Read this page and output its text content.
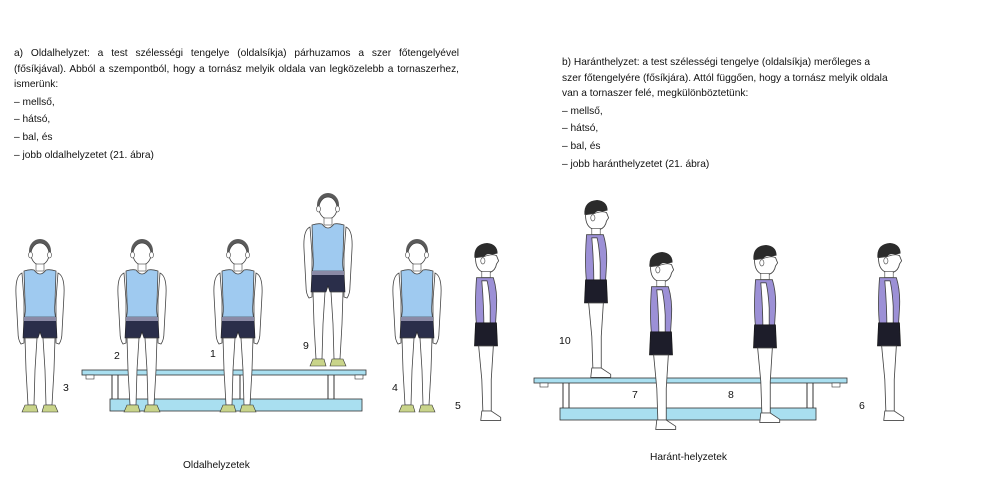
a) Oldalhelyzet: a test szélességi tengelye (oldalsíkja) párhuzamos a szer főtengelyével (fősíkjával). Abból a szempontból, hogy a tornász melyik oldala van legközelebb a tornaszerhez, ismerünk:

– mellső,

– hátsó,

– bal, és

– jobb oldalhelyzetet (21. ábra)

b) Haránthelyzet: a test szélességi tengelye (oldalsíkja) merőleges a szer főtengelyére (fősíkjára). Attól függően, hogy a tornász melyik oldala van a tornaszer felé, megkülönböztetünk:

– mellső,

– hátsó,

– bal, és

– jobb haránthelyzetet (21. ábra)

2	1
9
3	4
5
10
7	8
6
Oldalhelyzetek
Haránt-helyzetek
